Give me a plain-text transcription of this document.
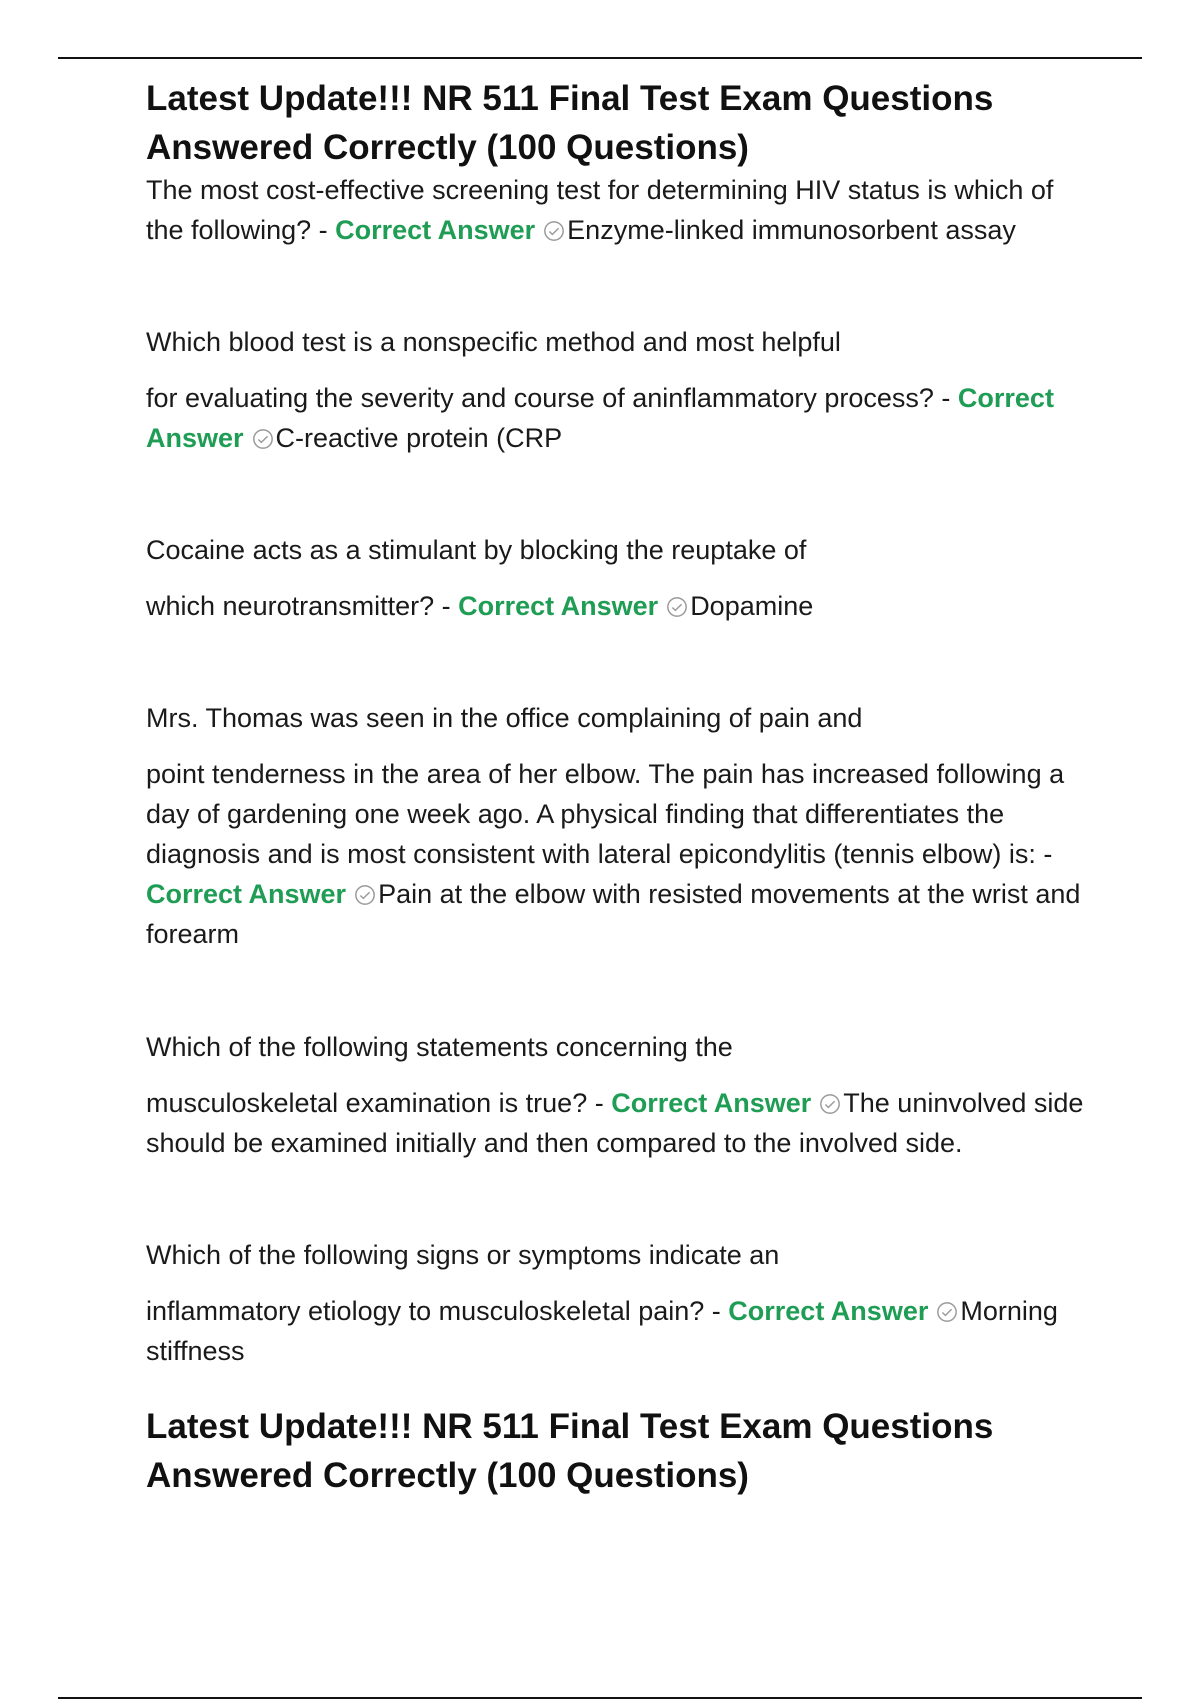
Latest Update!!! NR 511 Final Test Exam Questions Answered Correctly (100 Questions)

The most cost-effective screening test for determining HIV status is which of the following? - Correct Answer Enzyme-linked immunosorbent assay

Which blood test is a nonspecific method and most helpful

for evaluating the severity and course of aninflammatory process? - Correct Answer C-reactive protein (CRP

Cocaine acts as a stimulant by blocking the reuptake of

which neurotransmitter? - Correct Answer Dopamine

Mrs. Thomas was seen in the office complaining of pain and

point tenderness in the area of her elbow. The pain has increased following a day of gardening one week ago. A physical finding that differentiates the diagnosis and is most consistent with lateral epicondylitis (tennis elbow) is: - Correct Answer Pain at the elbow with resisted movements at the wrist and forearm

Which of the following statements concerning the

musculoskeletal examination is true? - Correct Answer The uninvolved side should be examined initially and then compared to the involved side.

Which of the following signs or symptoms indicate an

inflammatory etiology to musculoskeletal pain? - Correct Answer Morning stiffness

Latest Update!!! NR 511 Final Test Exam Questions Answered Correctly (100 Questions)
